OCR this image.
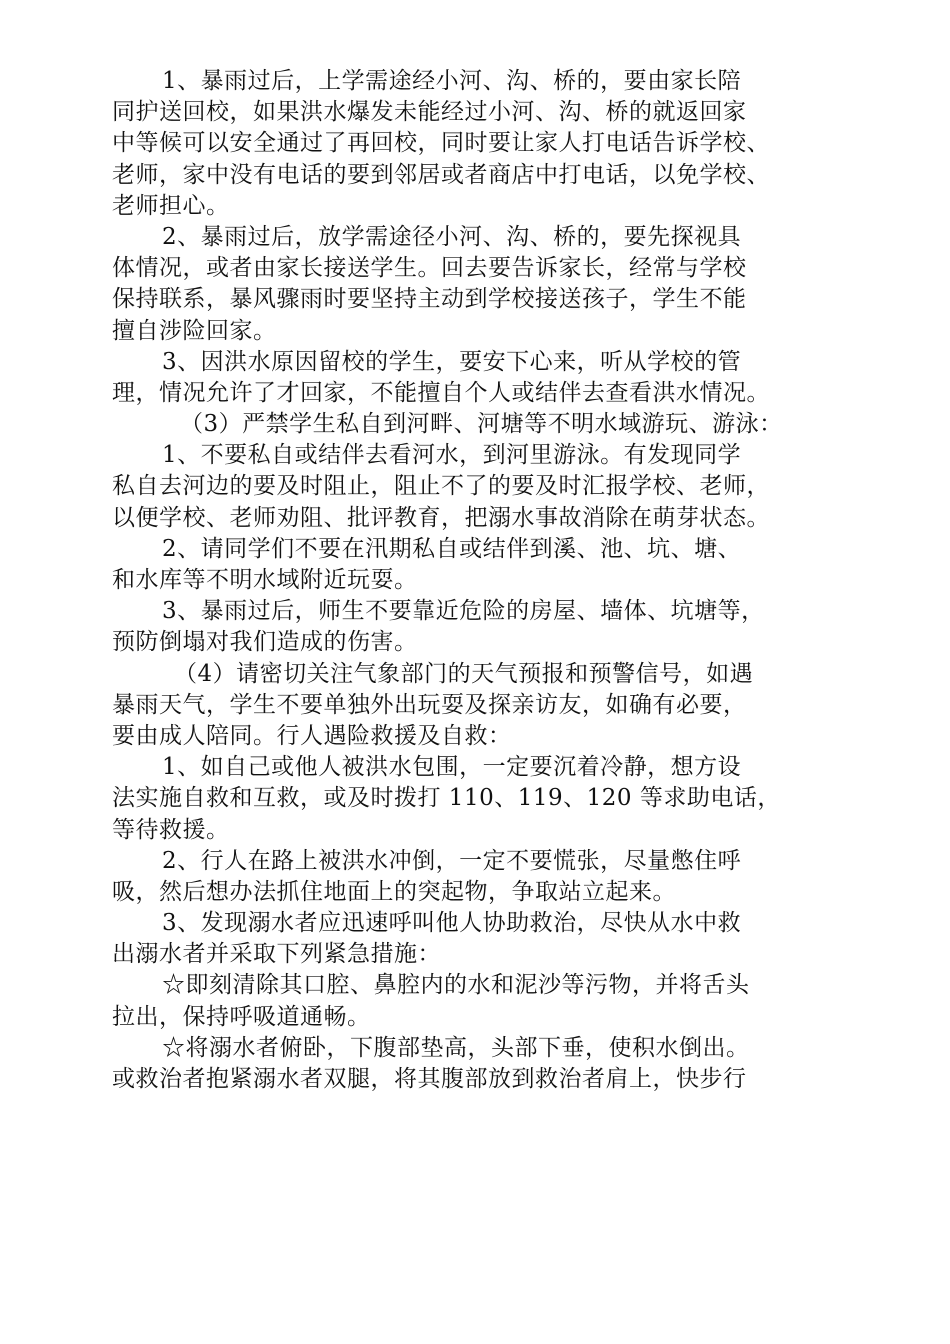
1、暴雨过后，上学需途经小河、沟、桥的，要由家长陪
同护送回校，如果洪水爆发未能经过小河、沟、桥的就返回家
中等候可以安全通过了再回校，同时要让家人打电话告诉学校、
老师，家中没有电话的要到邻居或者商店中打电话，以免学校、
老师担心。
2、暴雨过后，放学需途径小河、沟、桥的，要先探视具
体情况，或者由家长接送学生。回去要告诉家长，经常与学校
保持联系，暴风骤雨时要坚持主动到学校接送孩子，学生不能
擅自涉险回家。
3、因洪水原因留校的学生，要安下心来，听从学校的管
理，情况允许了才回家，不能擅自个人或结伴去查看洪水情况。
（3）严禁学生私自到河畔、河塘等不明水域游玩、游泳：
1、不要私自或结伴去看河水，到河里游泳。有发现同学
私自去河边的要及时阻止，阻止不了的要及时汇报学校、老师，
以便学校、老师劝阻、批评教育，把溺水事故消除在萌芽状态。
2、请同学们不要在汛期私自或结伴到溪、池、坑、塘、
和水库等不明水域附近玩耍。
3、暴雨过后，师生不要靠近危险的房屋、墙体、坑塘等，
预防倒塌对我们造成的伤害。
（4）请密切关注气象部门的天气预报和预警信号，如遇
暴雨天气，学生不要单独外出玩耍及探亲访友，如确有必要，
要由成人陪同。行人遇险救援及自救：
1、如自己或他人被洪水包围，一定要沉着冷静，想方设
法实施自救和互救，或及时拨打 110、119、120 等求助电话，
等待救援。
2、行人在路上被洪水冲倒，一定不要慌张，尽量憋住呼
吸，然后想办法抓住地面上的突起物，争取站立起来。
3、发现溺水者应迅速呼叫他人协助救治，尽快从水中救
出溺水者并采取下列紧急措施：
☆即刻清除其口腔、鼻腔内的水和泥沙等污物，并将舌头
拉出，保持呼吸道通畅。
☆将溺水者俯卧，下腹部垫高，头部下垂，使积水倒出。
或救治者抱紧溺水者双腿，将其腹部放到救治者肩上，快步行
